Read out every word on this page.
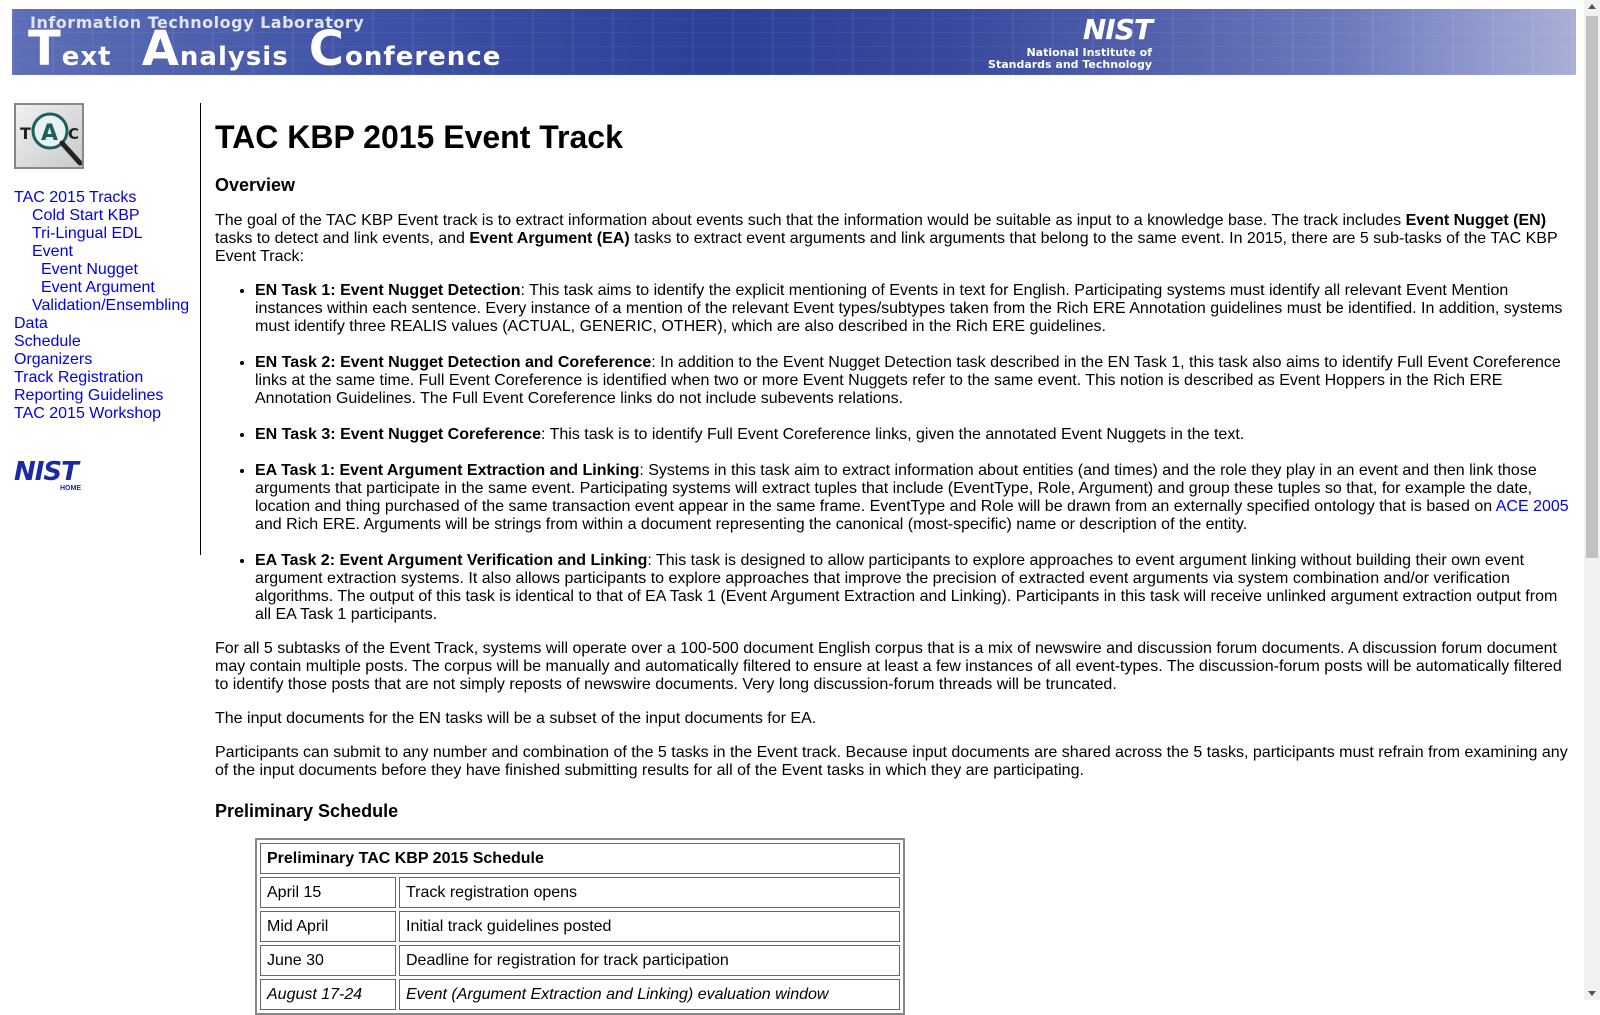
Information Technology Laboratory
Text Analysis Conference
NIST
National Institute of
Standards and Technology
T A C
TAC 2015 Tracks
Cold Start KBP
Tri-Lingual EDL
Event
Event Nugget
Event Argument
Validation/Ensembling
Data
Schedule
Organizers
Track Registration
Reporting Guidelines
TAC 2015 Workshop
NIST
HOME
TAC KBP 2015 Event Track
Overview

The goal of the TAC KBP Event track is to extract information about events such that the information would be suitable as input to a knowledge base. The track includes Event Nugget (EN) tasks to detect and link events, and Event Argument (EA) tasks to extract event arguments and link arguments that belong to the same event. In 2015, there are 5 sub-tasks of the TAC KBP Event Track:

• EN Task 1: Event Nugget Detection: This task aims to identify the explicit mentioning of Events in text for English. Participating systems must identify all relevant Event Mention instances within each sentence. Every instance of a mention of the relevant Event types/subtypes taken from the Rich ERE Annotation guidelines must be identified. In addition, systems must identify three REALIS values (ACTUAL, GENERIC, OTHER), which are also described in the Rich ERE guidelines.
• EN Task 2: Event Nugget Detection and Coreference: In addition to the Event Nugget Detection task described in the EN Task 1, this task also aims to identify Full Event Coreference links at the same time. Full Event Coreference is identified when two or more Event Nuggets refer to the same event. This notion is described as Event Hoppers in the Rich ERE Annotation Guidelines. The Full Event Coreference links do not include subevents relations.
• EN Task 3: Event Nugget Coreference: This task is to identify Full Event Coreference links, given the annotated Event Nuggets in the text.
• EA Task 1: Event Argument Extraction and Linking: Systems in this task aim to extract information about entities (and times) and the role they play in an event and then link those arguments that participate in the same event. Participating systems will extract tuples that include (EventType, Role, Argument) and group these tuples so that, for example the date, location and thing purchased of the same transaction event appear in the same frame. EventType and Role will be drawn from an externally specified ontology that is based on ACE 2005 and Rich ERE. Arguments will be strings from within a document representing the canonical (most-specific) name or description of the entity.
• EA Task 2: Event Argument Verification and Linking: This task is designed to allow participants to explore approaches to event argument linking without building their own event argument extraction systems. It also allows participants to explore approaches that improve the precision of extracted event arguments via system combination and/or verification algorithms. The output of this task is identical to that of EA Task 1 (Event Argument Extraction and Linking). Participants in this task will receive unlinked argument extraction output from all EA Task 1 participants.

For all 5 subtasks of the Event Track, systems will operate over a 100-500 document English corpus that is a mix of newswire and discussion forum documents. A discussion forum document may contain multiple posts. The corpus will be manually and automatically filtered to ensure at least a few instances of all event-types. The discussion-forum posts will be automatically filtered to identify those posts that are not simply reposts of newswire documents. Very long discussion-forum threads will be truncated.

The input documents for the EN tasks will be a subset of the input documents for EA.

Participants can submit to any number and combination of the 5 tasks in the Event track. Because input documents are shared across the 5 tasks, participants must refrain from examining any of the input documents before they have finished submitting results for all of the Event tasks in which they are participating.

Preliminary Schedule
Preliminary TAC KBP 2015 Schedule	
April 15	Track registration opens
Mid April	Initial track guidelines posted
June 30	Deadline for registration for track participation
August 17-24	Event (Argument Extraction and Linking) evaluation window
